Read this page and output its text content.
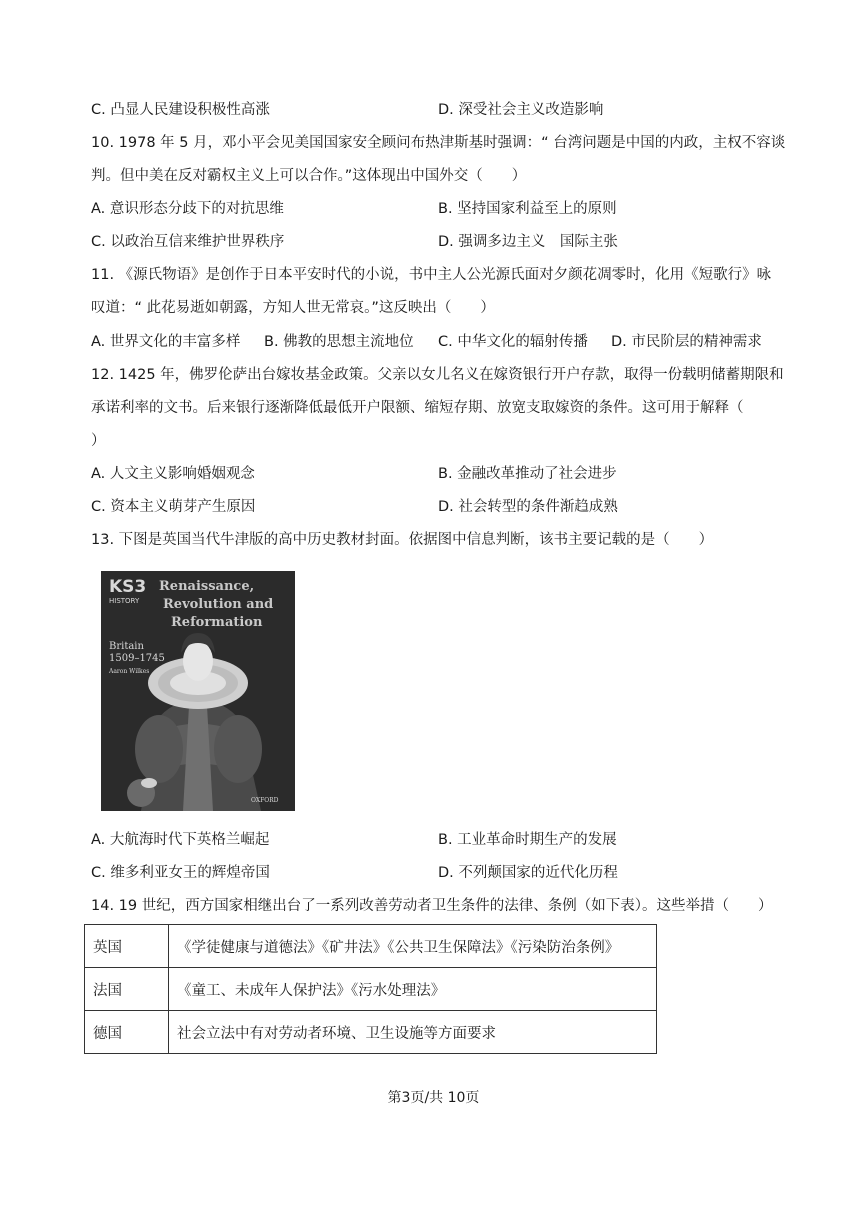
C. 凸显人民建设积极性高涨	D. 深受社会主义改造影响
10. 1978 年 5 月，邓小平会见美国国家安全顾问布热津斯基时强调：“ 台湾问题是中国的内政，主权不容谈
判。但中美在反对霸权主义上可以合作。”这体现出中国外交（　　）
A. 意识形态分歧下的对抗思维	B. 坚持国家利益至上的原则
C. 以政治互信来维护世界秩序	D. 强调多边主义　国际主张
11. 《源氏物语》是创作于日本平安时代的小说，书中主人公光源氏面对夕颜花凋零时，化用《短歌行》咏
叹道：“ 此花易逝如朝露，方知人世无常哀。”这反映出（　　）
A. 世界文化的丰富多样 B. 佛教的思想主流地位 C. 中华文化的辐射传播 D. 市民阶层的精神需求
12. 1425 年，佛罗伦萨出台嫁妆基金政策。父亲以女儿名义在嫁资银行开户存款，取得一份载明储蓄期限和
承诺利率的文书。后来银行逐渐降低最低开户限额、缩短存期、放宽支取嫁资的条件。这可用于解释（
）
A. 人文主义影响婚姻观念	B. 金融改革推动了社会进步
C. 资本主义萌芽产生原因	D. 社会转型的条件渐趋成熟
13. 下图是英国当代牛津版的高中历史教材封面。依据图中信息判断，该书主要记载的是（　　）
KS3
HISTORY
Renaissance,
Revolution and
Reformation
Britain
1509–1745
Aaron Wilkes
OXFORD
A. 大航海时代下英格兰崛起	B. 工业革命时期生产的发展
C. 维多利亚女王的辉煌帝国	D. 不列颠国家的近代化历程
14. 19 世纪，西方国家相继出台了一系列改善劳动者卫生条件的法律、条例（如下表）。这些举措（　　）
英国	《学徒健康与道德法》《矿井法》《公共卫生保障法》《污染防治条例》
法国	《童工、未成年人保护法》《污水处理法》
德国	社会立法中有对劳动者环境、卫生设施等方面要求
第3页/共 10页
